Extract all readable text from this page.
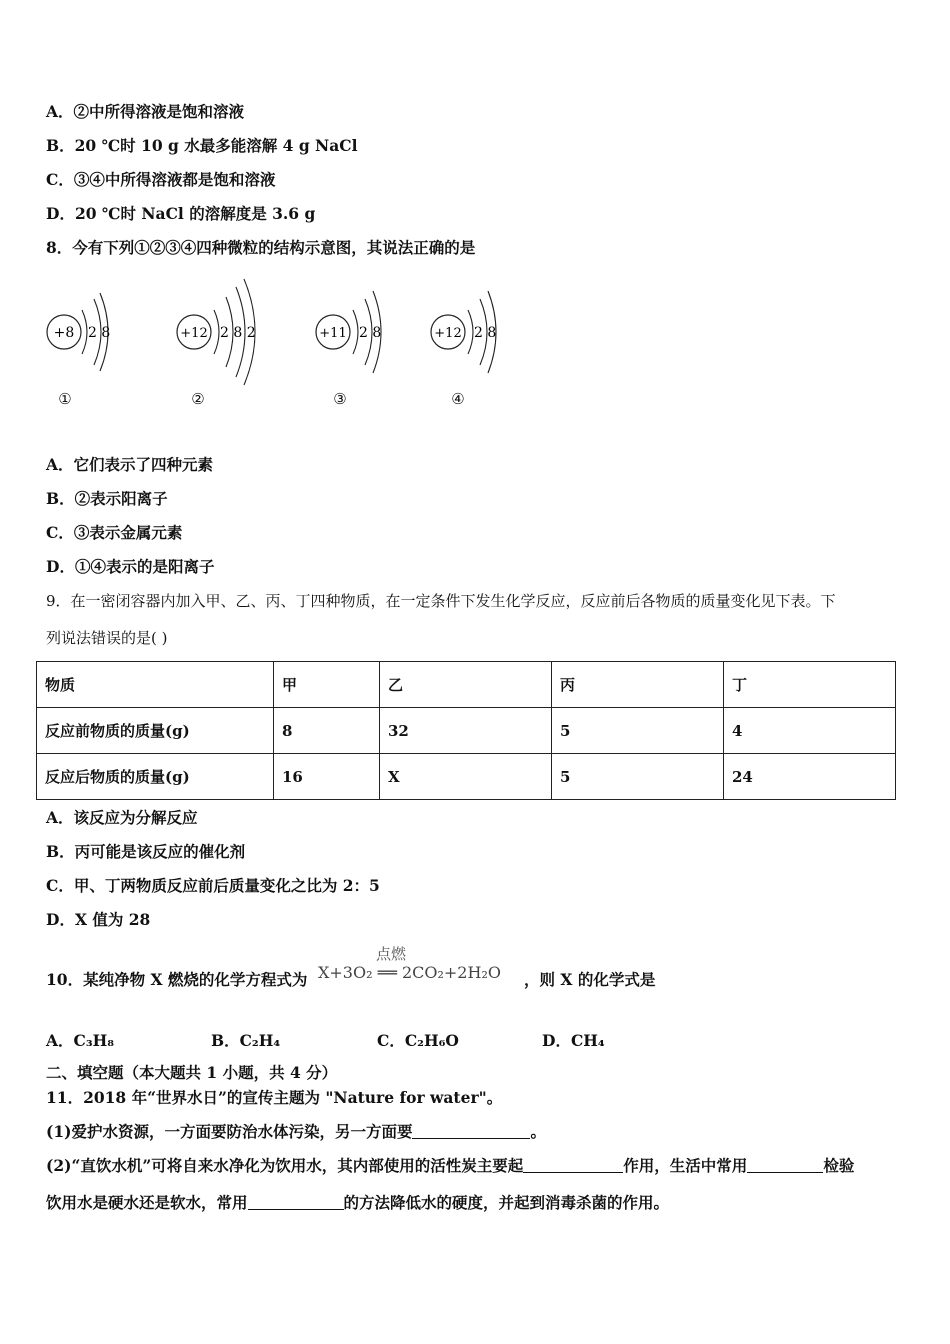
A．②中所得溶液是饱和溶液
B．20 ℃时 10 g 水最多能溶解 4 g NaCl
C．③④中所得溶液都是饱和溶液
D．20 ℃时 NaCl 的溶解度是 3.6 g
8．今有下列①②③④四种微粒的结构示意图，其说法正确的是
+8 2 8
①
+12 2 8 2
②
+11 2 8
③
+12 2 8
④
A．它们表示了四种元素
B．②表示阳离子
C．③表示金属元素
D．①④表示的是阳离子
9．在一密闭容器内加入甲、乙、丙、丁四种物质，在一定条件下发生化学反应，反应前后各物质的质量变化见下表。下
列说法错误的是( )
物质	甲	乙	丙	丁
反应前物质的质量(g)	8	32	5	4
反应后物质的质量(g)	16	X	5	24
A．该反应为分解反应
B．丙可能是该反应的催化剂
C．甲、丁两物质反应前后质量变化之比为 2：5
D．X 值为 28
10．某纯净物 X 燃烧的化学方程式为
点燃
X+3O₂ ══ 2CO₂+2H₂O ，则 X 的化学式是
A．C₃H₈	B．C₂H₄	C．C₂H₆O	D．CH₄
二、填空题（本大题共 1 小题，共 4 分）
11．2018 年“世界水日”的宣传主题为 "Nature for water"。
(1)爱护水资源，一方面要防治水体污染，另一方面要	。
(2)“直饮水机”可将自来水净化为饮用水，其内部使用的活性炭主要起	作用，生活中常用	检验
饮用水是硬水还是软水，常用	的方法降低水的硬度，并起到消毒杀菌的作用。
